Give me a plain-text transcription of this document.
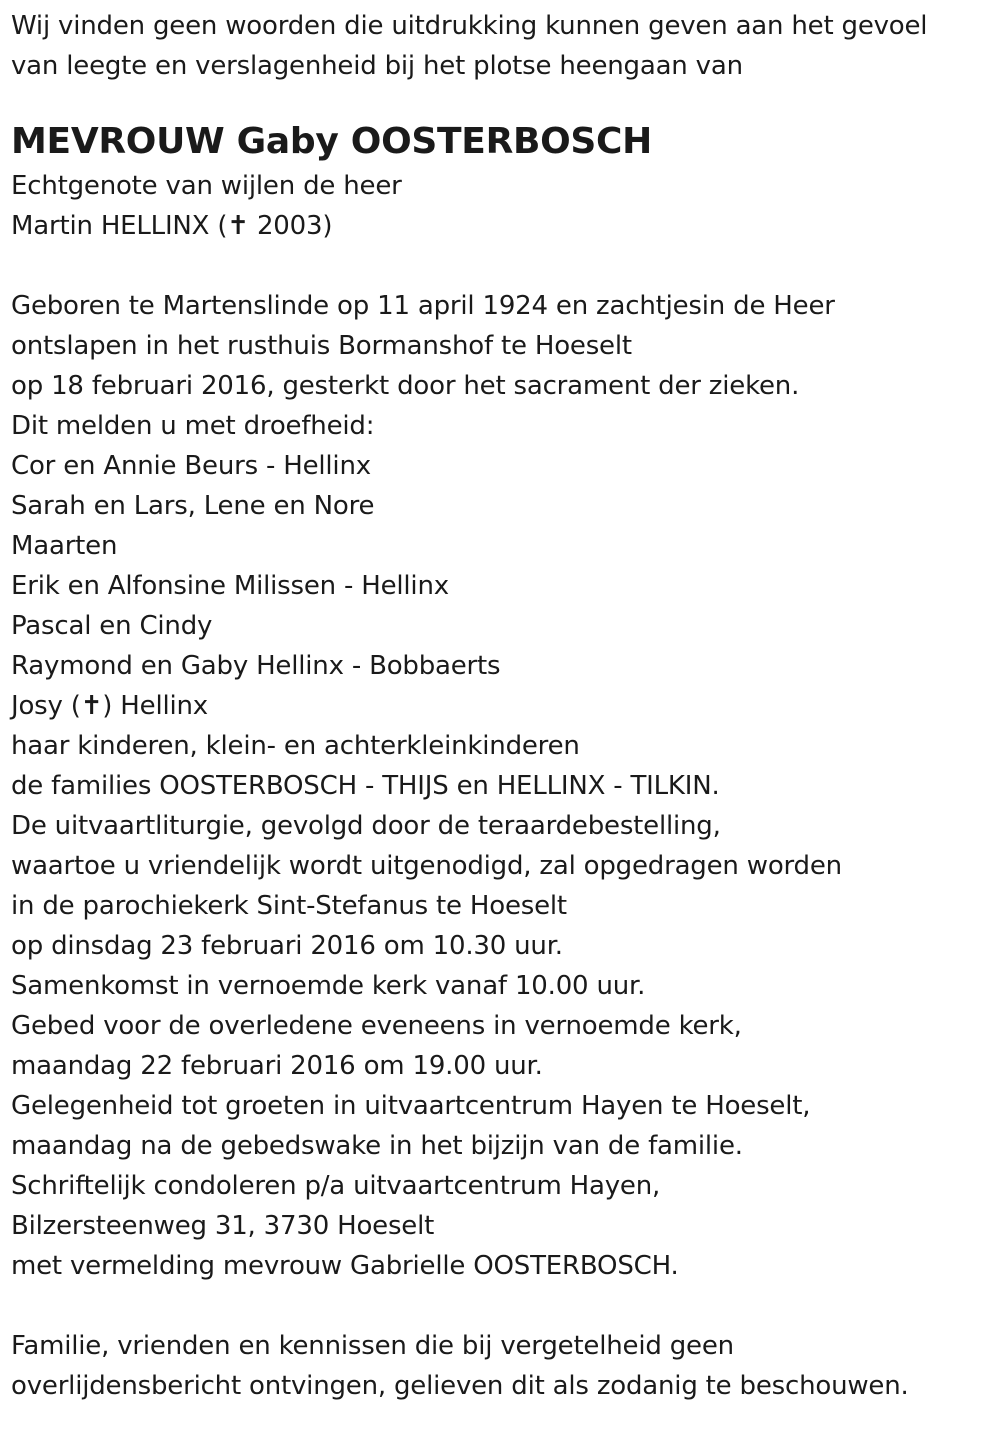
Wij vinden geen woorden die uitdrukking kunnen geven aan het gevoel
van leegte en verslagenheid bij het plotse heengaan van
MEVROUW Gaby OOSTERBOSCH
Echtgenote van wijlen de heer
Martin HELLINX (✝ 2003)
Geboren te Martenslinde op 11 april 1924 en zachtjesin de Heer
ontslapen in het rusthuis Bormanshof te Hoeselt
op 18 februari 2016, gesterkt door het sacrament der zieken.
Dit melden u met droefheid:
Cor en Annie Beurs - Hellinx
Sarah en Lars, Lene en Nore
Maarten
Erik en Alfonsine Milissen - Hellinx
Pascal en Cindy
Raymond en Gaby Hellinx - Bobbaerts
Josy (✝) Hellinx
haar kinderen, klein- en achterkleinkinderen
de families OOSTERBOSCH - THIJS en HELLINX - TILKIN.
De uitvaartliturgie, gevolgd door de teraardebestelling,
waartoe u vriendelijk wordt uitgenodigd, zal opgedragen worden
in de parochiekerk Sint-Stefanus te Hoeselt
op dinsdag 23 februari 2016 om 10.30 uur.
Samenkomst in vernoemde kerk vanaf 10.00 uur.
Gebed voor de overledene eveneens in vernoemde kerk,
maandag 22 februari 2016 om 19.00 uur.
Gelegenheid tot groeten in uitvaartcentrum Hayen te Hoeselt,
maandag na de gebedswake in het bijzijn van de familie.
Schriftelijk condoleren p/a uitvaartcentrum Hayen,
Bilzersteenweg 31, 3730 Hoeselt
met vermelding mevrouw Gabrielle OOSTERBOSCH.
Familie, vrienden en kennissen die bij vergetelheid geen
overlijdensbericht ontvingen, gelieven dit als zodanig te beschouwen.
